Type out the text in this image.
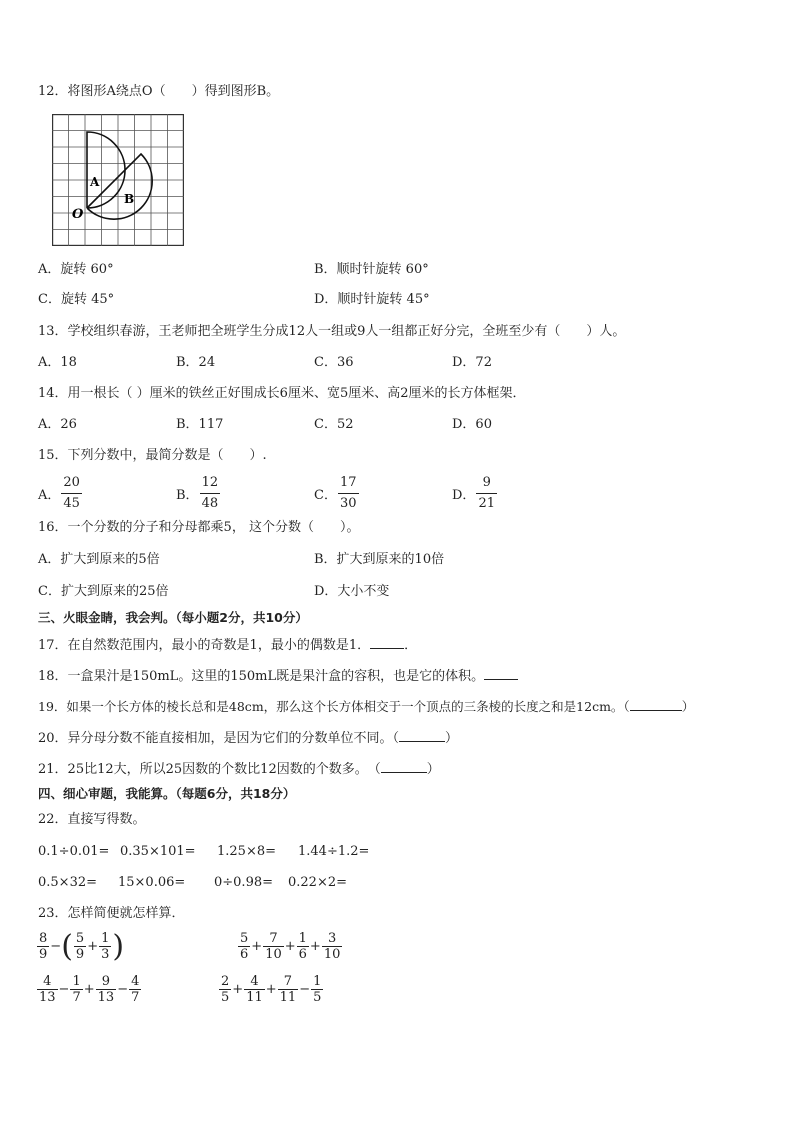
12．将图形A绕点O（　　）得到图形B。
A
B
O
A．旋转 60°	B．顺时针旋转 60°
C．旋转 45°	D．顺时针旋转 45°
13．学校组织春游，王老师把全班学生分成12人一组或9人一组都正好分完，全班至少有（　　）人。
A．18	B．24	C．36	D．72
14．用一根长（ ）厘米的铁丝正好围成长6厘米、宽5厘米、高2厘米的长方体框架．
A．26	B．117	C．52	D．60
15．下列分数中，最简分数是（　　）.
A． $\frac{20}{45}$	B． $\frac{12}{48}$	C． $\frac{17}{30}$	D． $\frac{9}{21}$
16．一个分数的分子和分母都乘5， 这个分数（　　）。
A．扩大到原来的5倍	B．扩大到原来的10倍
C．扩大到原来的25倍	D．大小不变
三、火眼金睛，我会判。（每小题2分，共10分）
17．在自然数范围内，最小的奇数是1，最小的偶数是1．	．
18．一盒果汁是150mL。这里的150mL既是果汁盒的容积，也是它的体积。
19．如果一个长方体的棱长总和是48cm，那么这个长方体相交于一个顶点的三条棱的长度之和是12cm。（	）
20．异分母分数不能直接相加，是因为它们的分数单位不同。（	）
21．25比12大，所以25因数的个数比12因数的个数多。　（	）
四、细心审题，我能算。（每题6分，共18分）
22．直接写得数。
0.1÷0.01= 0.35×101= 1.25×8= 1.44÷1.2=
0.5×32= 15×0.06= 0÷0.98= 0.22×2=
23．怎样简便就怎样算．
$\frac{8}{9}$ − ( $\frac{5}{9} + \frac{1}{3}$ )	$\frac{5}{6} + \frac{7}{10} + \frac{1}{6} + \frac{3}{10}$
$\frac{4}{13} - \frac{1}{7} + \frac{9}{13} - \frac{4}{7}$	$\frac{2}{5} + \frac{4}{11} + \frac{7}{11} - \frac{1}{5}$
